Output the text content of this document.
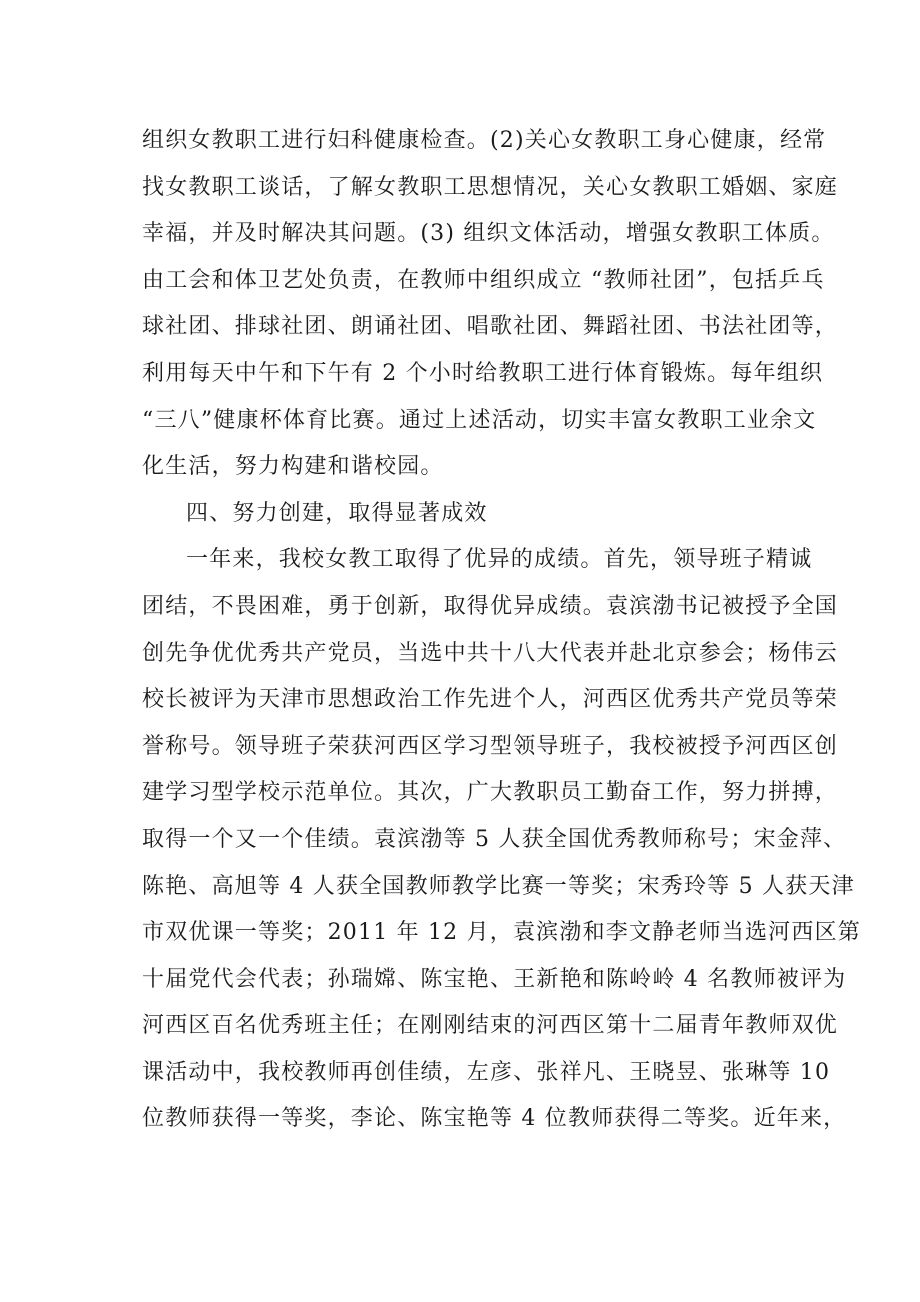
组织女教职工进行妇科健康检查。(2)关心女教职工身心健康，经常
找女教职工谈话，了解女教职工思想情况，关心女教职工婚姻、家庭
幸福，并及时解决其问题。(3) 组织文体活动，增强女教职工体质。
由工会和体卫艺处负责，在教师中组织成立 “教师社团”，包括乒乓
球社团、排球社团、朗诵社团、唱歌社团、舞蹈社团、书法社团等，
利用每天中午和下午有 2 个小时给教职工进行体育锻炼。每年组织
“三八”健康杯体育比赛。通过上述活动，切实丰富女教职工业余文
化生活，努力构建和谐校园。
四、努力创建，取得显著成效
一年来，我校女教工取得了优异的成绩。首先，领导班子精诚
团结，不畏困难，勇于创新，取得优异成绩。袁滨渤书记被授予全国
创先争优优秀共产党员，当选中共十八大代表并赴北京参会；杨伟云
校长被评为天津市思想政治工作先进个人，河西区优秀共产党员等荣
誉称号。领导班子荣获河西区学习型领导班子，我校被授予河西区创
建学习型学校示范单位。其次，广大教职员工勤奋工作，努力拼搏，
取得一个又一个佳绩。袁滨渤等 5 人获全国优秀教师称号；宋金萍、
陈艳、高旭等 4 人获全国教师教学比赛一等奖；宋秀玲等 5 人获天津
市双优课一等奖；2011 年 12 月，袁滨渤和李文静老师当选河西区第
十届党代会代表；孙瑞嫦、陈宝艳、王新艳和陈岭岭 4 名教师被评为
河西区百名优秀班主任；在刚刚结束的河西区第十二届青年教师双优
课活动中，我校教师再创佳绩，左彦、张祥凡、王晓昱、张琳等 10
位教师获得一等奖，李论、陈宝艳等 4 位教师获得二等奖。近年来，
